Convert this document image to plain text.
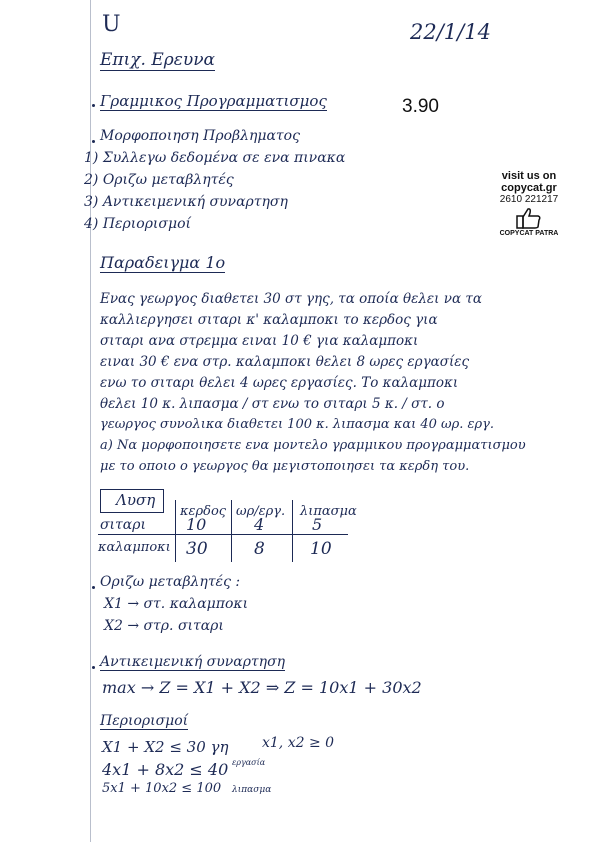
U	22/1/14
Επιχ. Ερευνα
3.90
visit us on
copycat.gr
2610 221217
COPYCAT PATRA
Γραμμικος Προγραμματισμος
Μορφοποιηση Προβληματος
1) Συλλεγω δεδομένα σε ενα πινακα
2) Οριζω μεταβλητές
3) Αντικειμενική συναρτηση
4) Περιορισμοί
Παραδειγμα 1ο
Ενας γεωργος διαθετει 30 στ γης, τα οποία θελει να τα
καλλιεργησει σιταρι κ' καλαμποκι το κερδος για
σιταρι ανα στρεμμα ειναι 10 € για καλαμποκι
ειναι 30 € ενα στρ. καλαμποκι θελει 8 ωρες εργασίες
ενω το σιταρι θελει 4 ωρες εργασίες. Το καλαμποκι
θελει 10 κ. λιπασμα / στ ενω το σιταρι 5 κ. / στ. ο
γεωργος συνολικα διαθετει 100 κ. λιπασμα και 40 ωρ. εργ.
a) Να μορφοποιησετε ενα μοντελο γραμμικου προγραμματισμου
με το οποιο ο γεωργος θα μεγιστοποιησει τα κερδη του.
Λυση
κερδος ωρ/εργ. λιπασμα
σιταρι	10	4	5
καλαμποκι 30	8	10
Οριζω μεταβλητές :
X1 → στ. καλαμποκι
X2 → στρ. σιταρι
Αντικειμενική συναρτηση
max → Z = X1 + X2 ⇒ Z = 10x1 + 30x2
Περιορισμοί
X1 + X2 ≤ 30 γη x1, x2 ≥ 0
4x1 + 8x2 ≤ 40 εργασία
5x1 + 10x2 ≤ 100 λιπασμα
